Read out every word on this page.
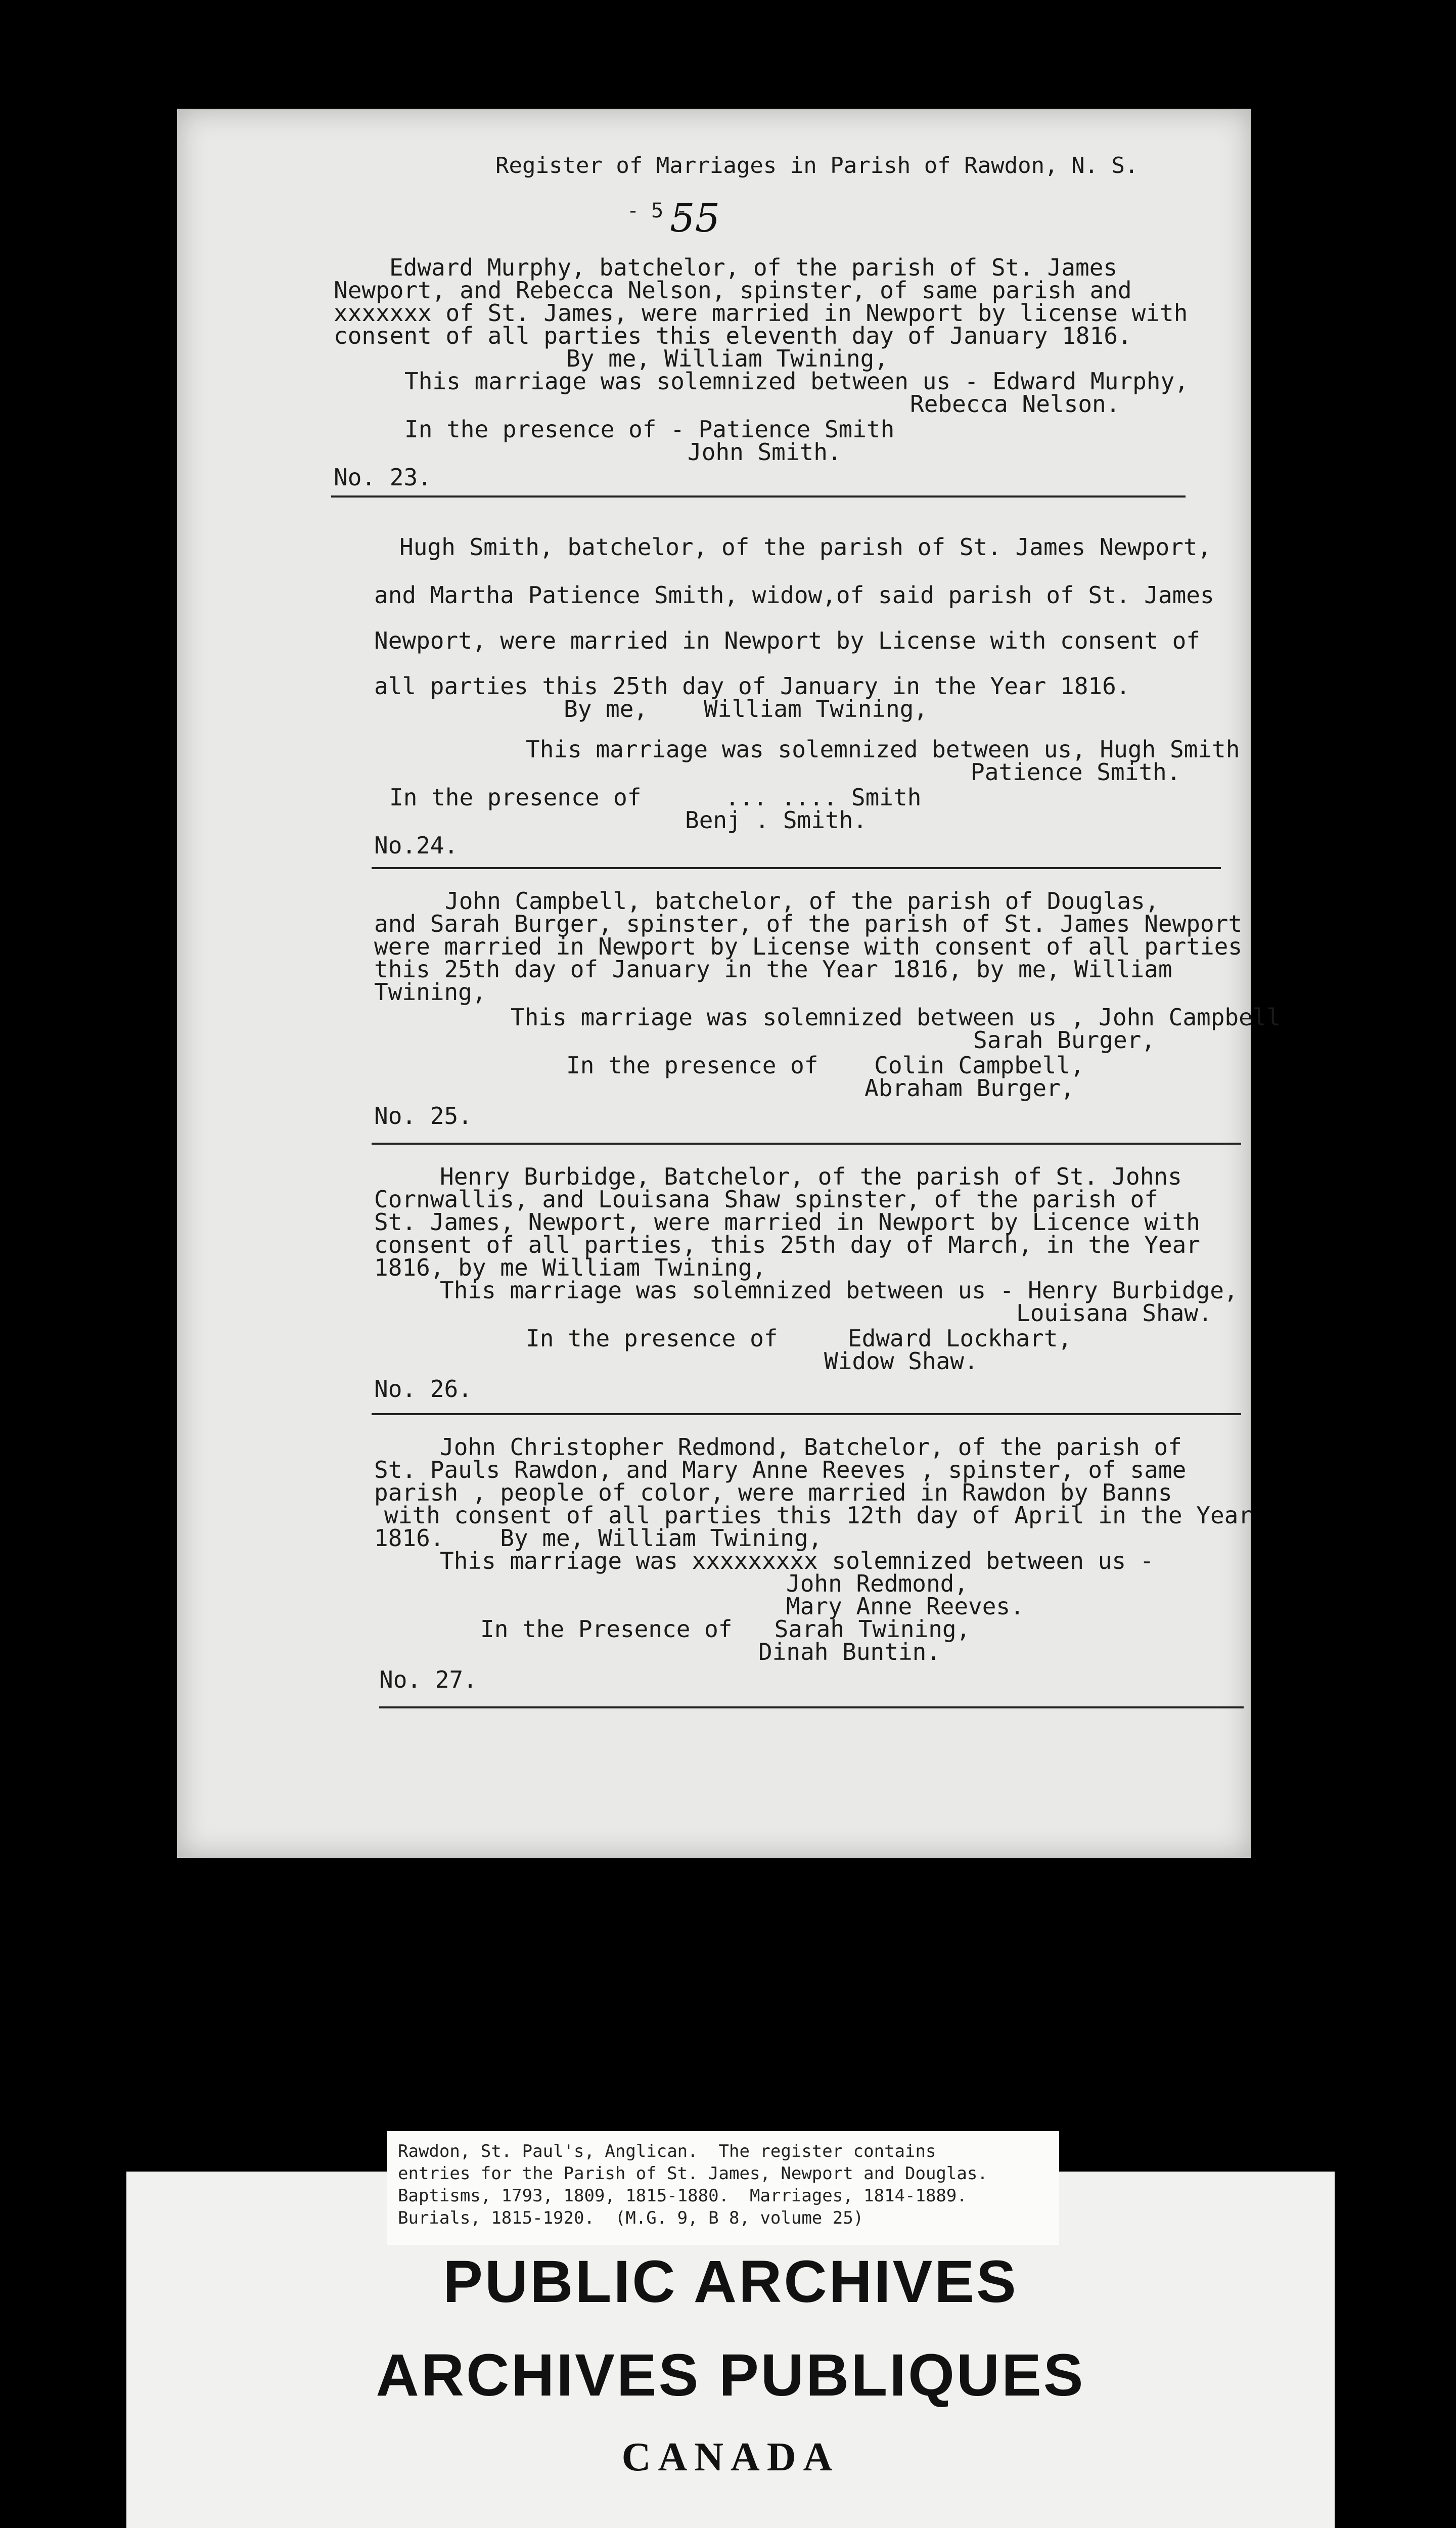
Register of Marriages in Parish of Rawdon, N. S.
- 5 -
55
Edward Murphy, batchelor, of the parish of St. James
Newport, and Rebecca Nelson, spinster, of same parish and
xxxxxxx of St. James, were married in Newport by license with
consent of all parties this eleventh day of January 1816.
By me, William Twining,
This marriage was solemnized between us - Edward Murphy,
Rebecca Nelson.
In the presence of - Patience Smith
John Smith.
No. 23.
Hugh Smith, batchelor, of the parish of St. James Newport,
and Martha Patience Smith, widow,of said parish of St. James
Newport, were married in Newport by License with consent of
all parties this 25th day of January in the Year 1816.
By me,    William Twining,
This marriage was solemnized between us, Hugh Smith
Patience Smith.
In the presence of      ... .... Smith
Benj . Smith.
No.24.
John Campbell, batchelor, of the parish of Douglas,
and Sarah Burger, spinster, of the parish of St. James Newport
were married in Newport by License with consent of all parties
this 25th day of January in the Year 1816, by me, William
Twining,
This marriage was solemnized between us , John Campbell
Sarah Burger,
In the presence of    Colin Campbell,
Abraham Burger,
No. 25.
Henry Burbidge, Batchelor, of the parish of St. Johns
Cornwallis, and Louisana Shaw spinster, of the parish of
St. James, Newport, were married in Newport by Licence with
consent of all parties, this 25th day of March, in the Year
1816, by me William Twining,
This marriage was solemnized between us - Henry Burbidge,
Louisana Shaw.
In the presence of     Edward Lockhart,
Widow Shaw.
No. 26.
John Christopher Redmond, Batchelor, of the parish of
St. Pauls Rawdon, and Mary Anne Reeves , spinster, of same
parish , people of color, were married in Rawdon by Banns
with consent of all parties this 12th day of April in the Year
1816.    By me, William Twining,
This marriage was xxxxxxxxx solemnized between us -
John Redmond,
Mary Anne Reeves.
In the Presence of   Sarah Twining,
Dinah Buntin.
No. 27.
PUBLIC ARCHIVES
ARCHIVES PUBLIQUES
CANADA
Rawdon, St. Paul's, Anglican.  The register contains
entries for the Parish of St. James, Newport and Douglas.
Baptisms, 1793, 1809, 1815-1880.  Marriages, 1814-1889.
Burials, 1815-1920.  (M.G. 9, B 8, volume 25)
